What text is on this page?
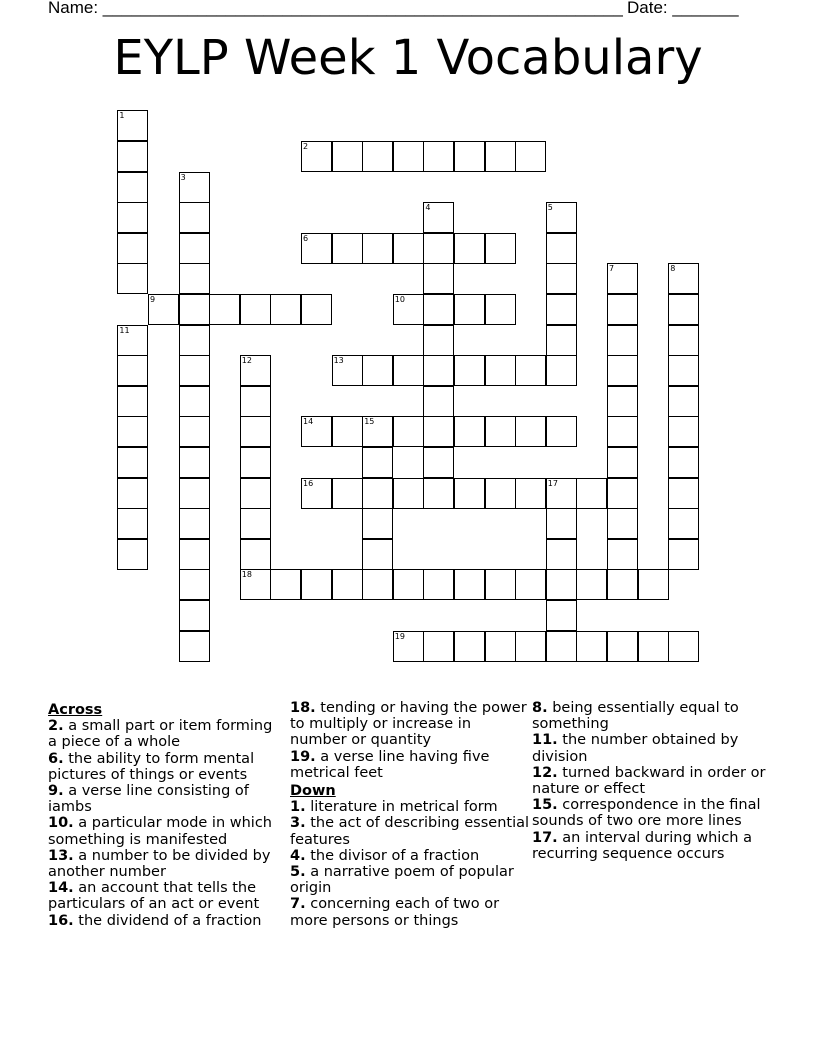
Name: _______________________________________________________ Date: _______
EYLP Week 1 Vocabulary
2
6
9	10
13
14	15
16	17
18
19
1
3
4	5
7	8
11
12
Across

2. a small part or item forming a piece of a whole

6. the ability to form mental pictures of things or events

9. a verse line consisting of iambs

10. a particular mode in which something is manifested

13. a number to be divided by another number

14. an account that tells the particulars of an act or event

16. the dividend of a fraction

18. tending or having the power to multiply or increase in number or quantity

19. a verse line having five metrical feet

Down

1. literature in metrical form

3. the act of describing essential features

4. the divisor of a fraction

5. a narrative poem of popular origin

7. concerning each of two or more persons or things

8. being essentially equal to something

11. the number obtained by division

12. turned backward in order or nature or effect

15. correspondence in the final sounds of two ore more lines

17. an interval during which a recurring sequence occurs
